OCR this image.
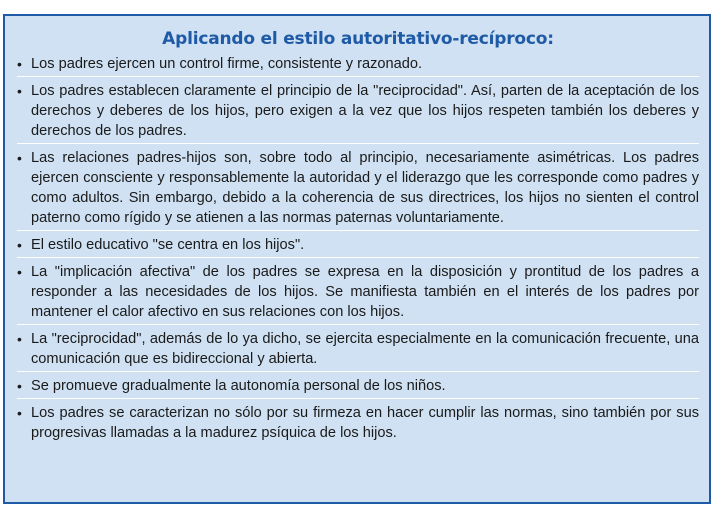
Aplicando el estilo autoritativo-recíproco:
• Los padres ejercen un control firme, consistente y razonado.
• Los padres establecen claramente el principio de la "reciprocidad". Así, parten de la aceptación de los derechos y deberes de los hijos, pero exigen a la vez que los hijos respeten también los deberes y derechos de los padres.
• Las relaciones padres-hijos son, sobre todo al principio, necesariamente asimétricas. Los padres ejercen consciente y responsablemente la autoridad y el liderazgo que les corresponde como padres y como adultos. Sin embargo, debido a la coherencia de sus directrices, los hijos no sienten el control paterno como rígido y se atienen a las normas paternas voluntariamente.
• El estilo educativo "se centra en los hijos".
• La "implicación afectiva" de los padres se expresa en la disposición y prontitud de los padres a responder a las necesidades de los hijos. Se manifiesta también en el interés de los padres por mantener el calor afectivo en sus relaciones con los hijos.
• La "reciprocidad", además de lo ya dicho, se ejercita especialmente en la comunicación frecuente, una comunicación que es bidireccional y abierta.
• Se promueve gradualmente la autonomía personal de los niños.
• Los padres se caracterizan no sólo por su firmeza en hacer cumplir las normas, sino también por sus progresivas llamadas a la madurez psíquica de los hijos.
